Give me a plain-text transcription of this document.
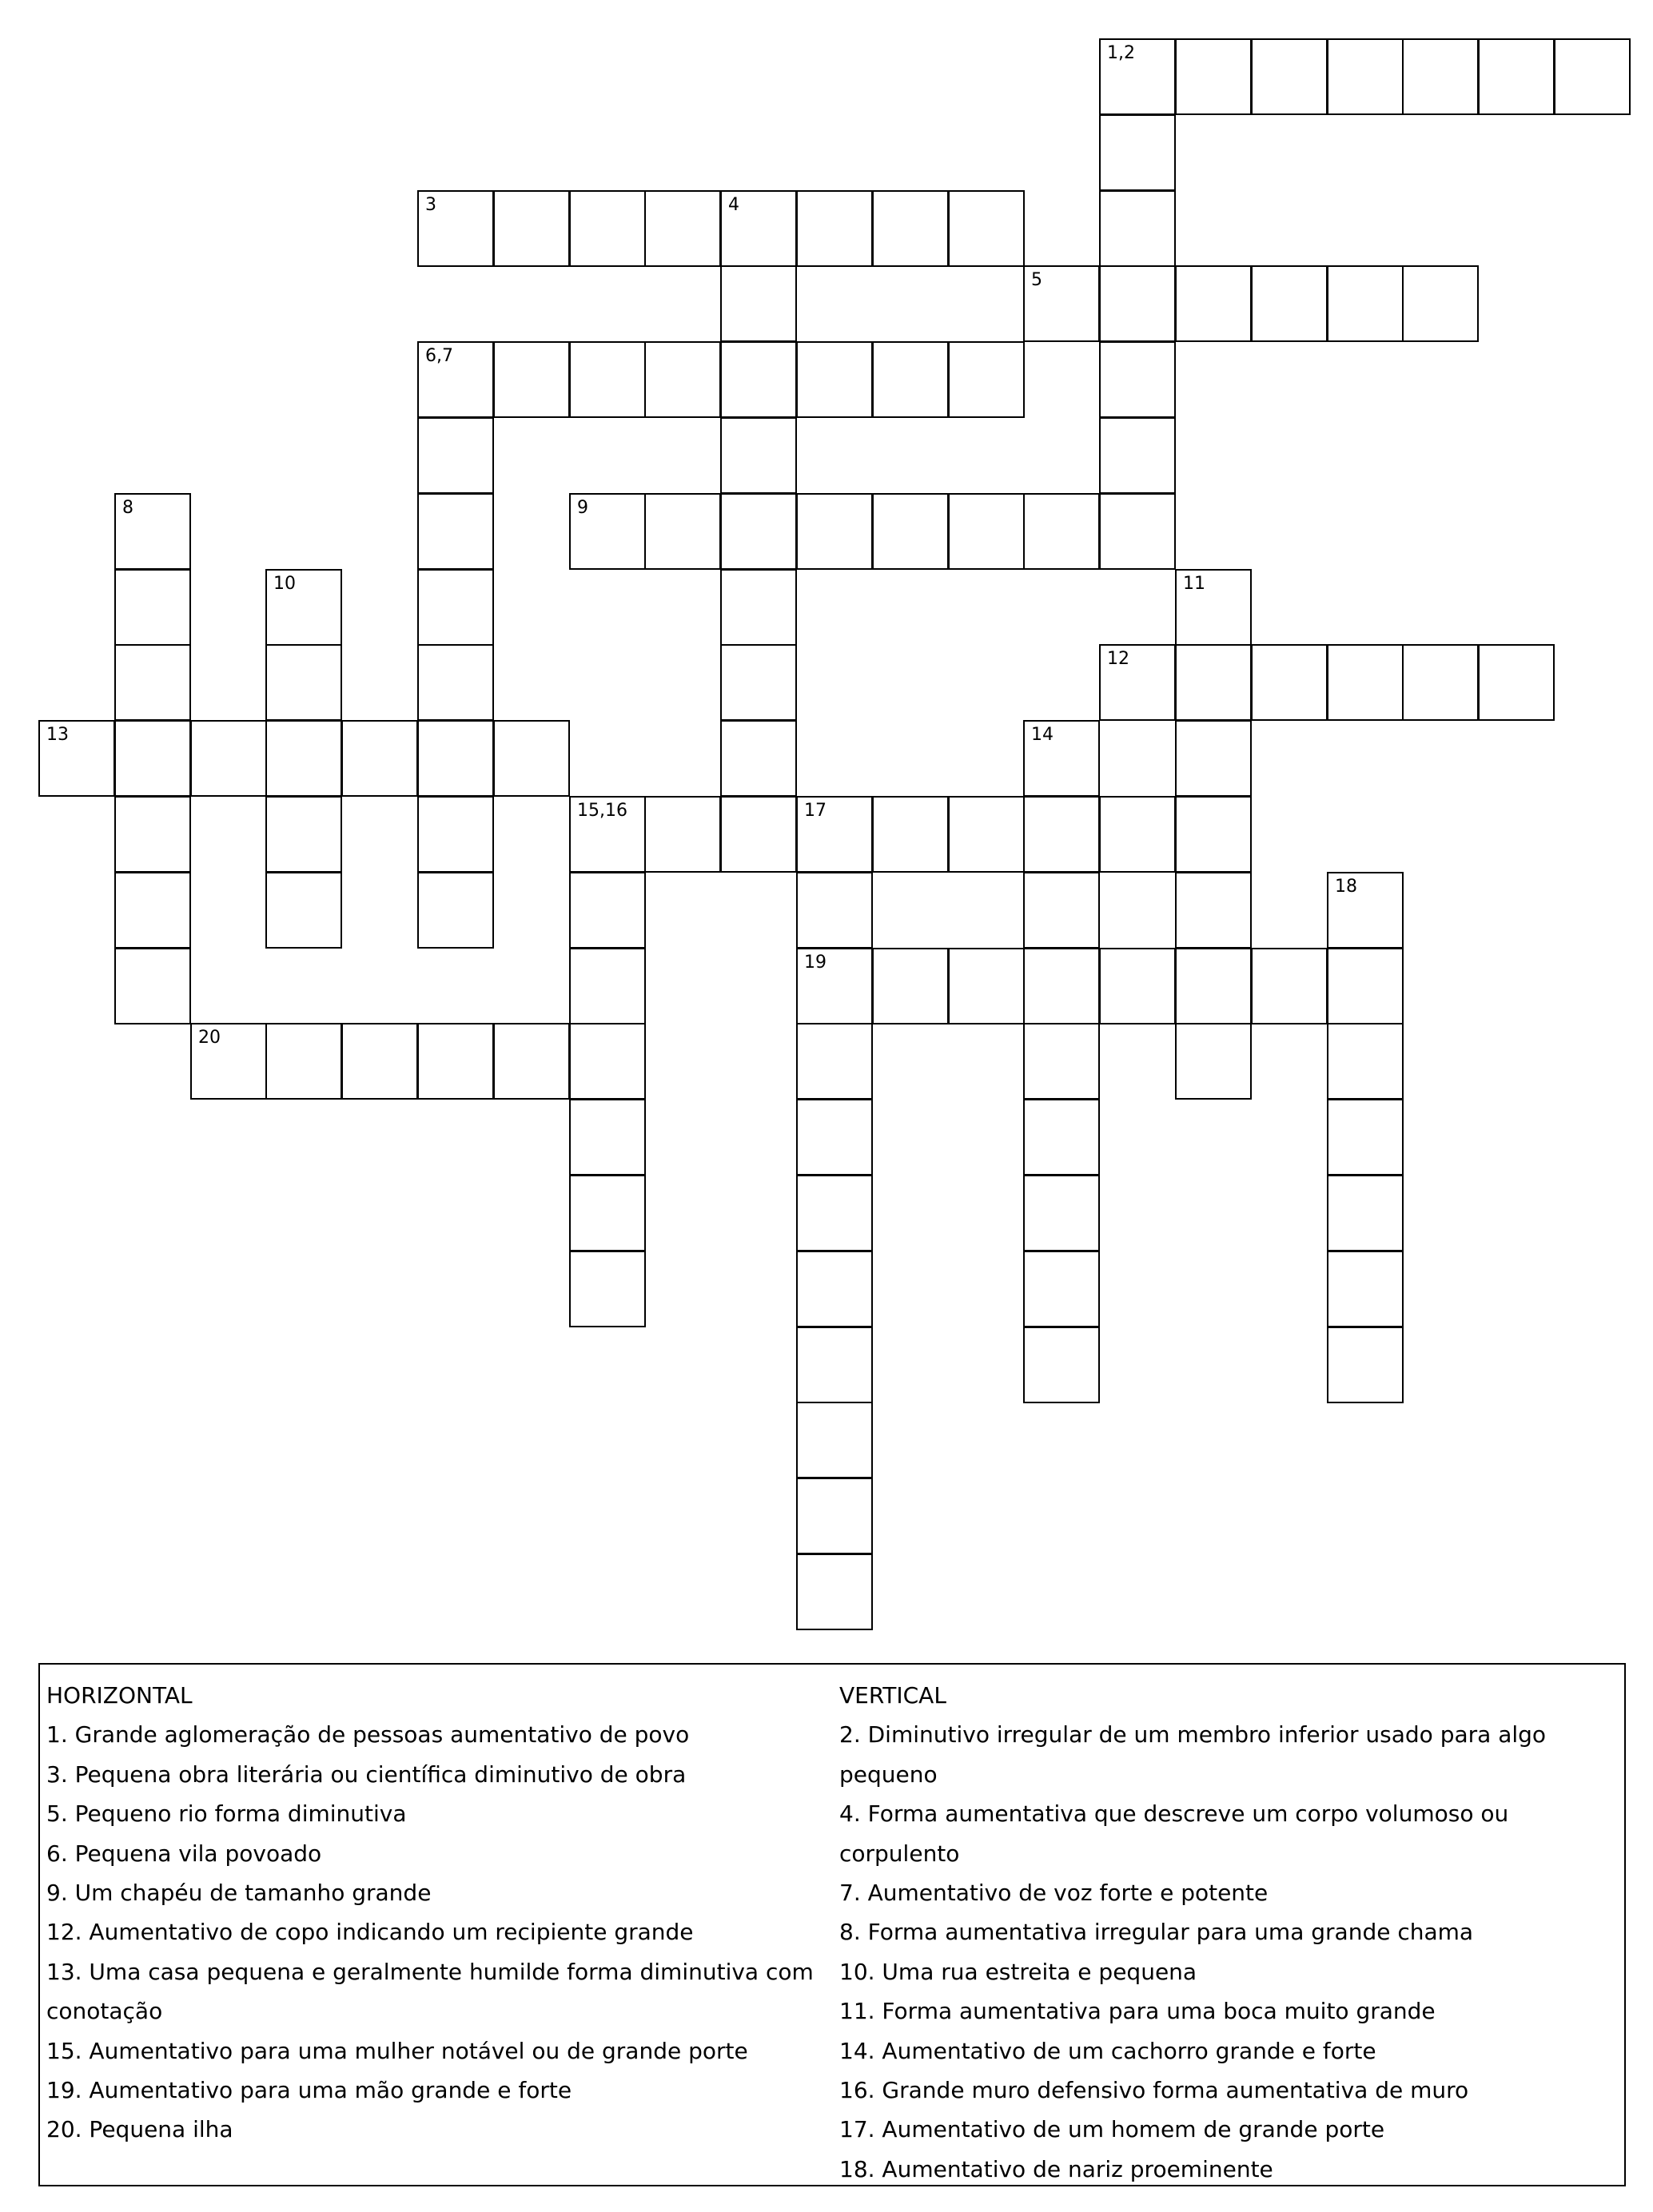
1,2
3	4
5
6,7
8	9
10	11
12
13	14
15,16	17
19
18
20
HORIZONTAL
1. Grande aglomeração de pessoas aumentativo de povo
3. Pequena obra literária ou científica diminutivo de obra
5. Pequeno rio forma diminutiva
6. Pequena vila povoado
9. Um chapéu de tamanho grande
12. Aumentativo de copo indicando um recipiente grande
13. Uma casa pequena e geralmente humilde forma diminutiva com conotação
15. Aumentativo para uma mulher notável ou de grande porte
19. Aumentativo para uma mão grande e forte
20. Pequena ilha
VERTICAL
2. Diminutivo irregular de um membro inferior usado para algo pequeno
4. Forma aumentativa que descreve um corpo volumoso ou corpulento
7. Aumentativo de voz forte e potente
8. Forma aumentativa irregular para uma grande chama
10. Uma rua estreita e pequena
11. Forma aumentativa para uma boca muito grande
14. Aumentativo de um cachorro grande e forte
16. Grande muro defensivo forma aumentativa de muro
17. Aumentativo de um homem de grande porte
18. Aumentativo de nariz proeminente
